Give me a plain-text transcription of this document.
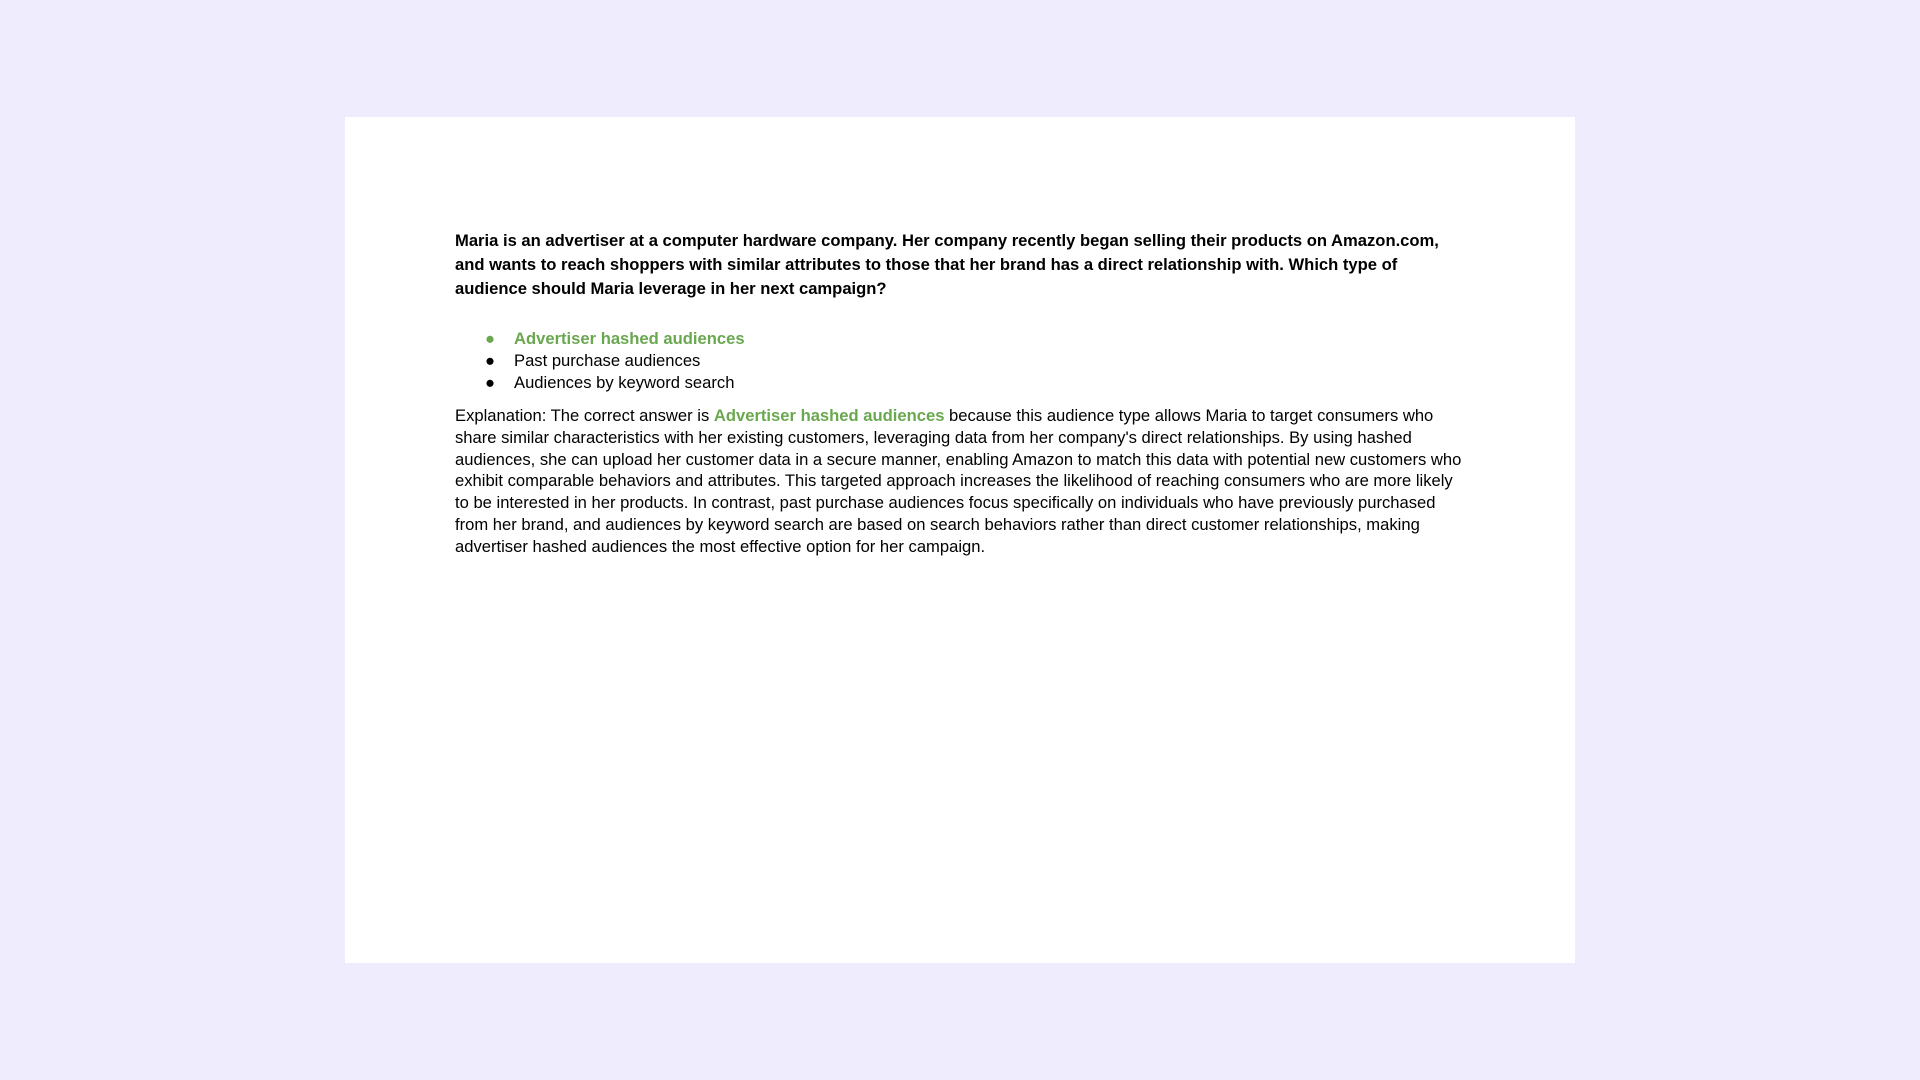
Maria is an advertiser at a computer hardware company. Her company recently began selling their products on Amazon.com, and wants to reach shoppers with similar attributes to those that her brand has a direct relationship with. Which type of audience should Maria leverage in her next campaign?

● Advertiser hashed audiences
● Past purchase audiences
● Audiences by keyword search

Explanation: The correct answer is Advertiser hashed audiences because this audience type allows Maria to target consumers who share similar characteristics with her existing customers, leveraging data from her company's direct relationships. By using hashed audiences, she can upload her customer data in a secure manner, enabling Amazon to match this data with potential new customers who exhibit comparable behaviors and attributes. This targeted approach increases the likelihood of reaching consumers who are more likely to be interested in her products. In contrast, past purchase audiences focus specifically on individuals who have previously purchased from her brand, and audiences by keyword search are based on search behaviors rather than direct customer relationships, making advertiser hashed audiences the most effective option for her campaign.
